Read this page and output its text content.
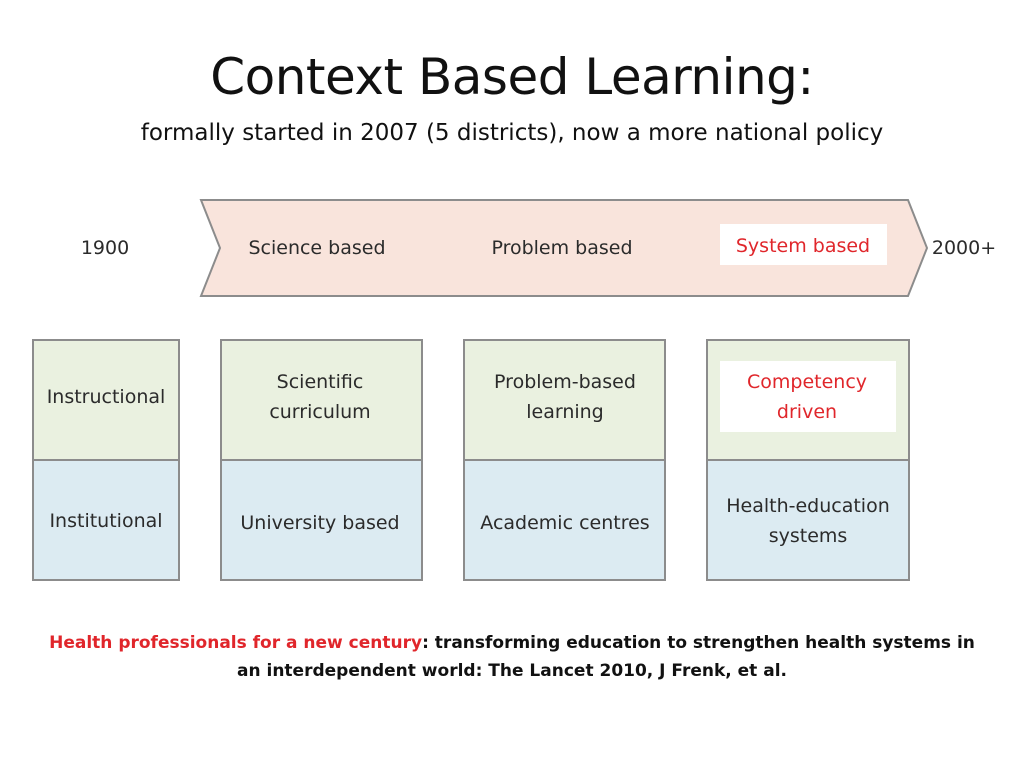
Context Based Learning:
formally started in 2007 (5 districts), now a more national policy
1900	2000+
Science based	Problem based	System based
Instructional
Institutional
Scientific
curriculum
University based
Problem-based
learning
Academic centres
Competency
driven
Health-education
systems
Health professionals for a new century: transforming education to strengthen health systems in
an interdependent world: The Lancet 2010, J Frenk, et al.
